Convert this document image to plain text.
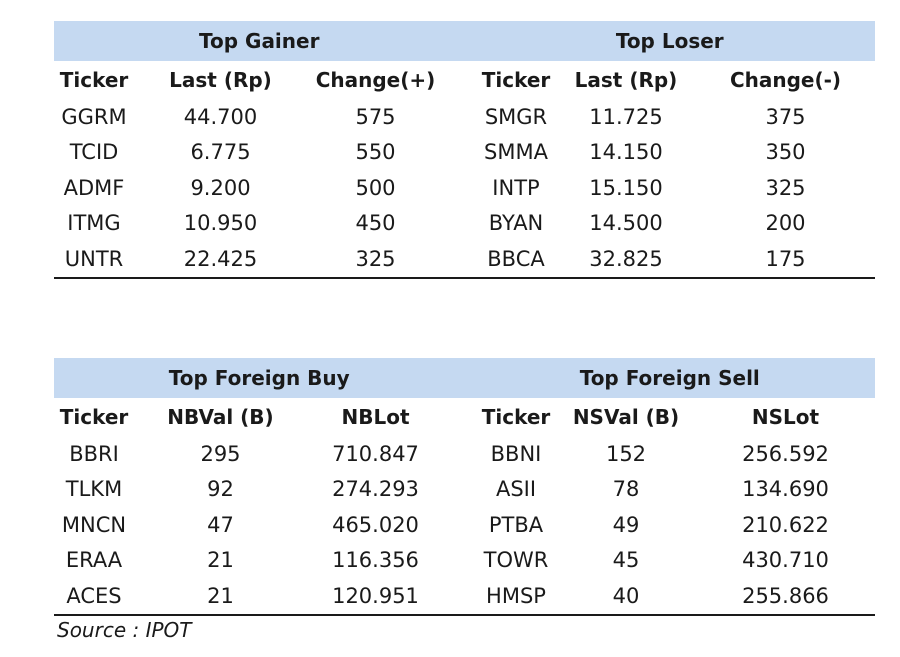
Top Gainer	Top Loser
Ticker	Last (Rp)	Change(+)	Ticker	Last (Rp)	Change(-)
GGRM	44.700	575	SMGR	11.725	375
TCID	6.775	550	SMMA	14.150	350
ADMF	9.200	500	INTP	15.150	325
ITMG	10.950	450	BYAN	14.500	200
UNTR	22.425	325	BBCA	32.825	175
Top Foreign Buy	Top Foreign Sell
Ticker	NBVal (B)	NBLot	Ticker	NSVal (B)	NSLot
BBRI	295	710.847	BBNI	152	256.592
TLKM	92	274.293	ASII	78	134.690
MNCN	47	465.020	PTBA	49	210.622
ERAA	21	116.356	TOWR	45	430.710
ACES	21	120.951	HMSP	40	255.866
Source : IPOT
